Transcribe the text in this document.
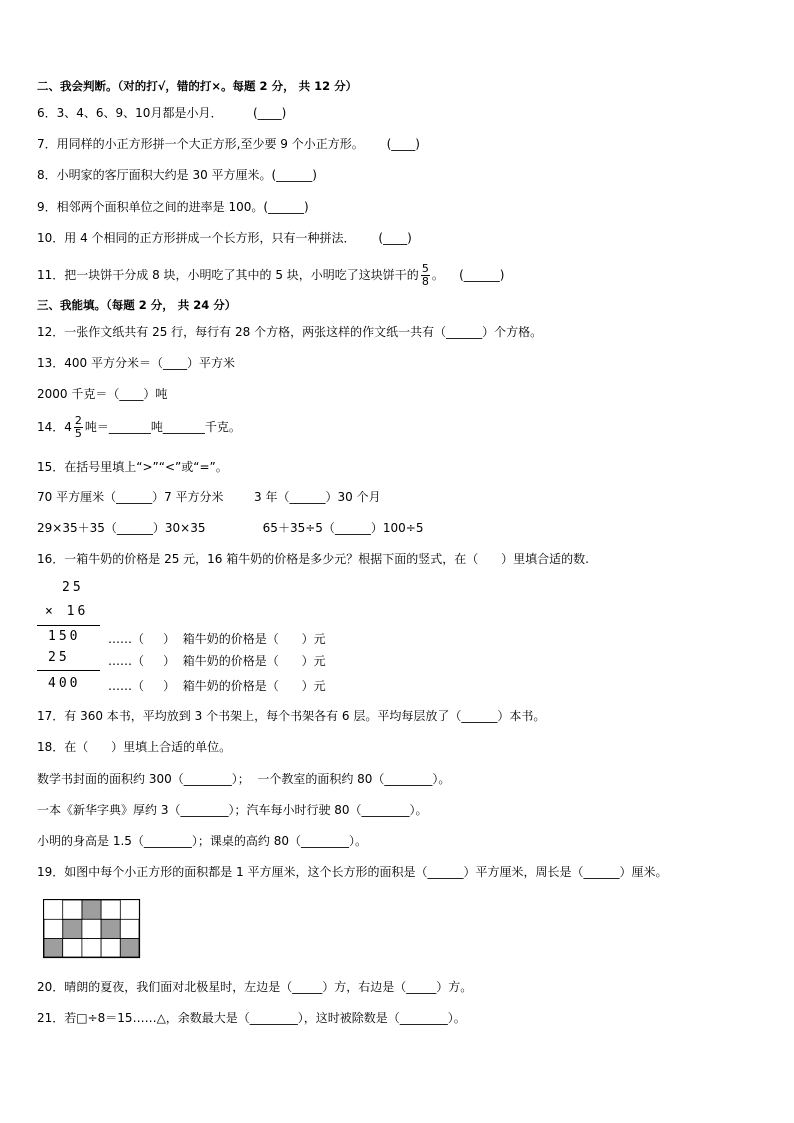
二、我会判断。（对的打√，错的打×。每题 2 分， 共 12 分）
6．3、4、6、9、10月都是小月．        (____)
7．用同样的小正方形拼一个大正方形,至少要 9 个小正方形。      (____)
8．小明家的客厅面积大约是 30 平方厘米。(______)
9．相邻两个面积单位之间的进率是 100。(______)
10．用 4 个相同的正方形拼成一个长方形，只有一种拼法．      (____)
11．把一块饼干分成 8 块，小明吃了其中的 5 块，小明吃了这块饼干的 $\frac{5}{8}$ 。    (______)
三、我能填。（每题 2 分， 共 24 分）
12．一张作文纸共有 25 行，每行有 28 个方格，两张这样的作文纸一共有（______）个方格。
13．400 平方分米＝（____）平方米
2000 千克＝（____）吨
14．$4 \frac{2}{5}$ 吨＝_______吨_______千克。
15．在括号里填上“>”“<”或“=”。
70 平方厘米（______）7 平方分米        3 年（______）30 个月
29×35＋35（______）30×35               65＋35÷5（______）100÷5
16．一箱牛奶的价格是 25 元，16 箱牛奶的价格是多少元？根据下面的竖式，在（      ）里填合适的数.
25
× 16
150
25
400
……（     ）  箱牛奶的价格是（      ）元
……（     ）  箱牛奶的价格是（      ）元
……（     ）  箱牛奶的价格是（      ）元
17．有 360 本书，平均放到 3 个书架上，每个书架各有 6 层。平均每层放了（______）本书。
18．在（      ）里填上合适的单位。
数学书封面的面积约 300（________）；  一个教室的面积约 80（________）。
一本《新华字典》厚约 3（________）；汽车每小时行驶 80（________）。
小明的身高是 1.5（________）；课桌的高约 80（________）。
19．如图中每个小正方形的面积都是 1 平方厘米，这个长方形的面积是（______）平方厘米，周长是（______）厘米。
20．晴朗的夏夜，我们面对北极星时，左边是（_____）方，右边是（_____）方。
21．若□÷8＝15……△，余数最大是（________），这时被除数是（________）。
